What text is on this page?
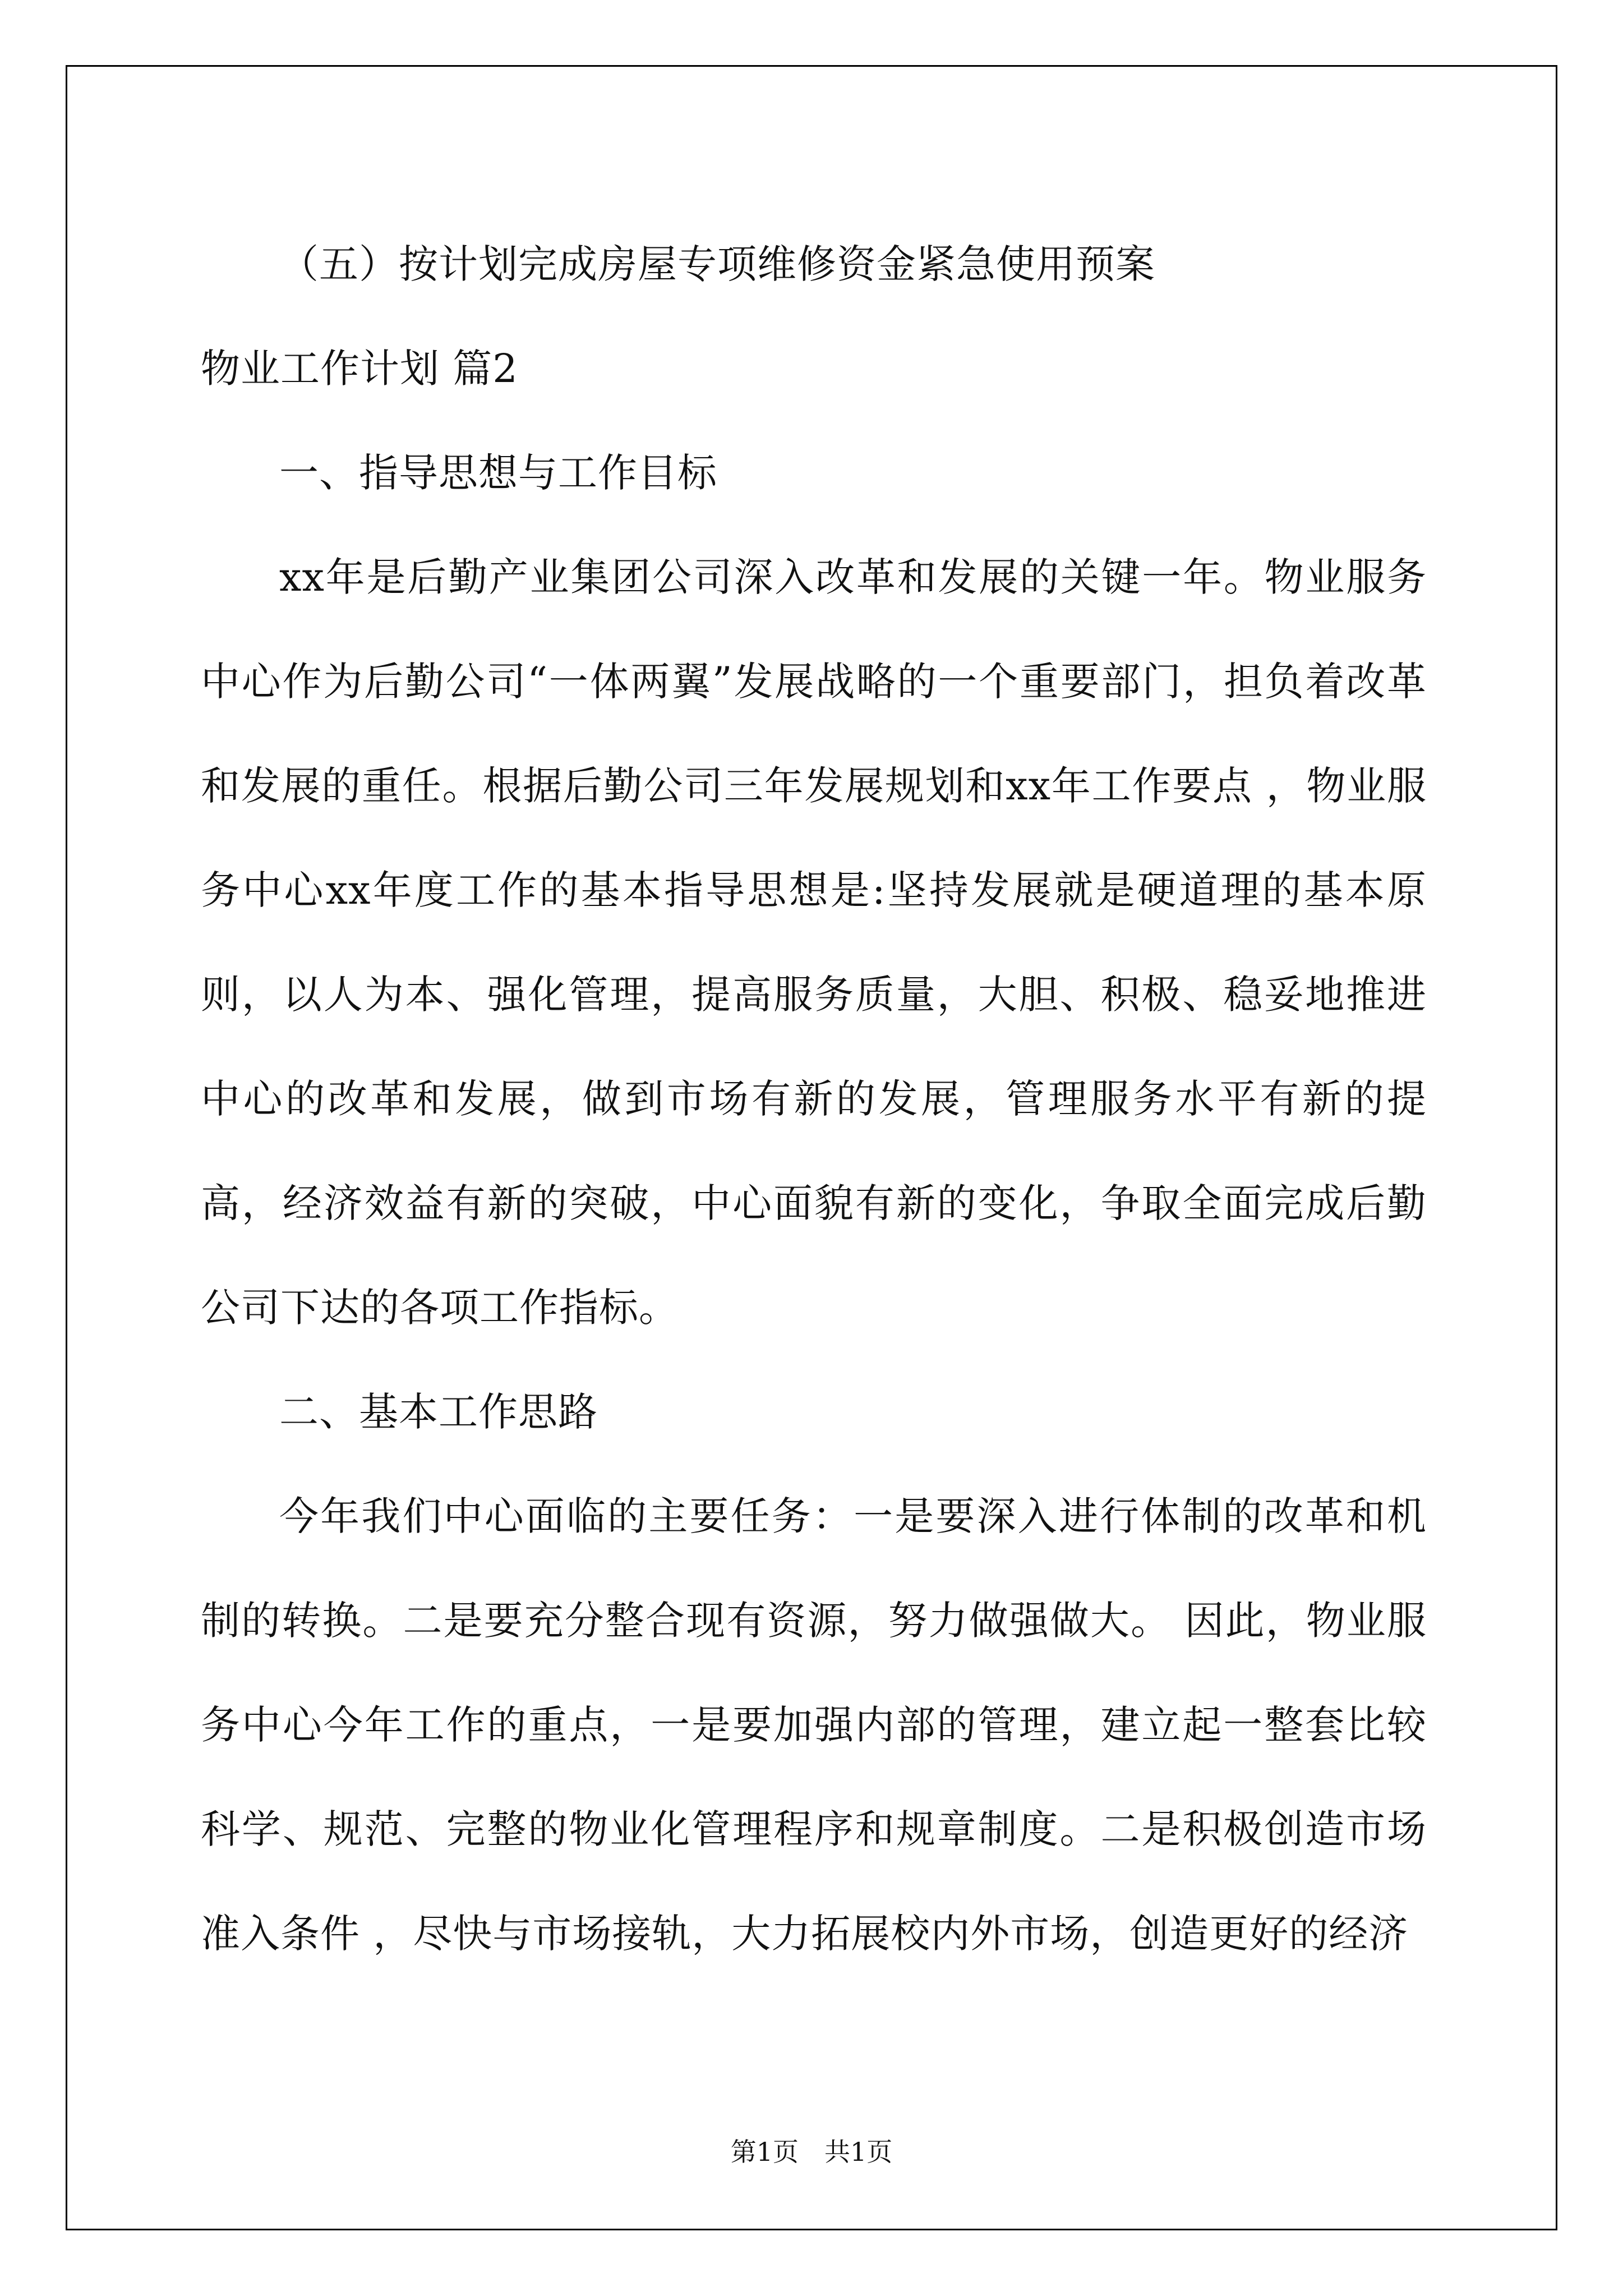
（五）按计划完成房屋专项维修资金紧急使用预案

物业工作计划 篇2

一、指导思想与工作目标

xx年是后勤产业集团公司深入改革和发展的关键一年。物业服务中心作为后勤公司“一体两翼”发展战略的一个重要部门，担负着改革和发展的重任。根据后勤公司三年发展规划和xx年工作要点 ，物业服务中心xx年度工作的基本指导思想是:坚持发展就是硬道理的基本原则，以人为本、强化管理，提高服务质量，大胆、积极、稳妥地推进中心的改革和发展，做到市场有新的发展，管理服务水平有新的提高，经济效益有新的突破，中心面貌有新的变化，争取全面完成后勤公司下达的各项工作指标。

二、基本工作思路

今年我们中心面临的主要任务：一是要深入进行体制的改革和机制的转换。二是要充分整合现有资源，努力做强做大。 因此，物业服务中心今年工作的重点，一是要加强内部的管理，建立起一整套比较科学、规范、完整的物业化管理程序和规章制度。二是积极创造市场准入条件 ，尽快与市场接轨，大力拓展校内外市场，创造更好的经济

第1页　共1页
